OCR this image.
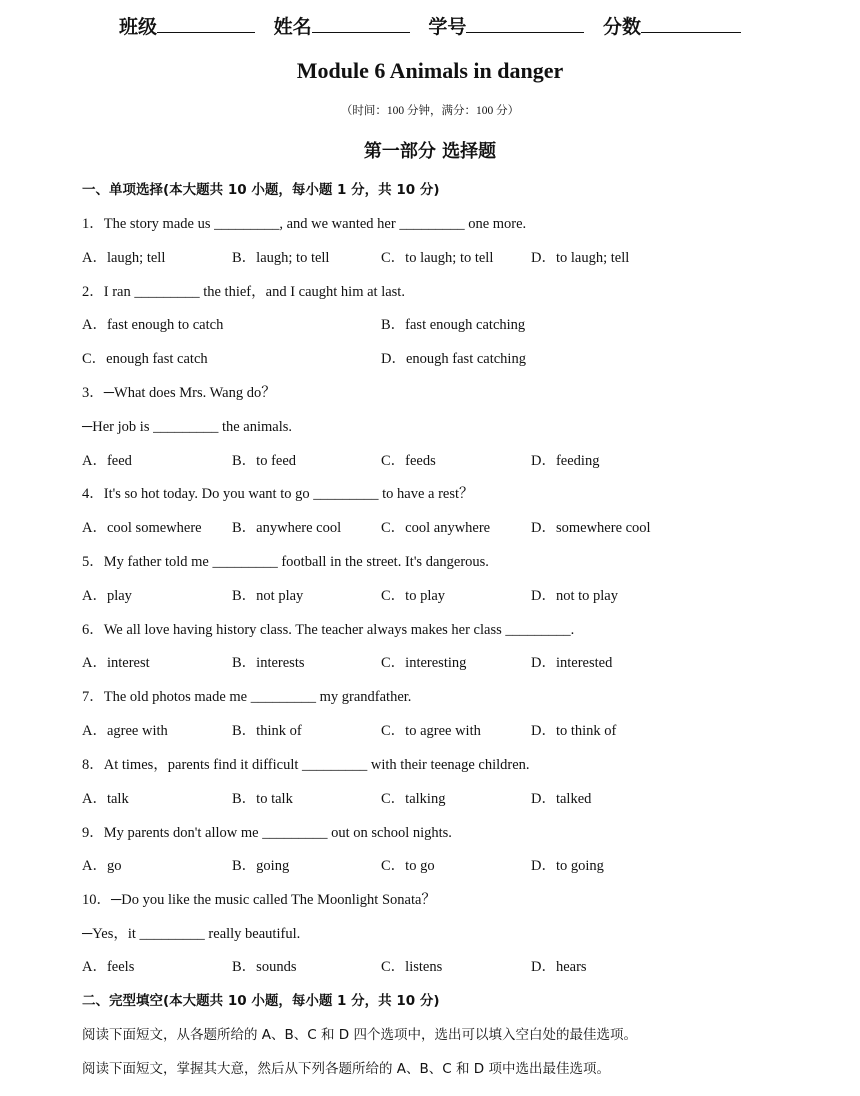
班级	姓名	学号	分数
Module 6 Animals in danger
（时间：100 分钟，满分：100 分）
第一部分 选择题
一、单项选择(本大题共 10 小题，每小题 1 分，共 10 分)
1．The story made us _________, and we wanted her _________ one more.
A．laugh; tell	B．laugh; to tell	C．to laugh; to tell	D．to laugh; tell
2．I ran _________ the thief，and I caught him at last.
A．fast enough to catch	B．fast enough catching
C．enough fast catch	D．enough fast catching
3．─What does Mrs. Wang do？
─Her job is _________ the animals.
A．feed	B．to feed	C．feeds	D．feeding
4．It's so hot today. Do you want to go _________ to have a rest？
A．cool somewhere B．anywhere cool	C．cool anywhere	D．somewhere cool
5．My father told me _________ football in the street. It's dangerous.
A．play	B．not play	C．to play	D．not to play
6．We all love having history class. The teacher always makes her class _________.
A．interest	B．interests	C．interesting	D．interested
7．The old photos made me _________ my grandfather.
A．agree with	B．think of	C．to agree with	D．to think of
8．At times，parents find it difficult _________ with their teenage children.
A．talk	B．to talk	C．talking	D．talked
9．My parents don't allow me _________ out on school nights.
A．go	B．going	C．to go	D．to going
10．─Do you like the music called The Moonlight Sonata？
─Yes，it _________ really beautiful.
A．feels	B．sounds	C．listens	D．hears
二、完型填空(本大题共 10 小题，每小题 1 分，共 10 分)
阅读下面短文，从各题所给的 A、B、C 和 D 四个选项中，选出可以填入空白处的最佳选项。
阅读下面短文，掌握其大意，然后从下列各题所给的 A、B、C 和 D 项中选出最佳选项。
